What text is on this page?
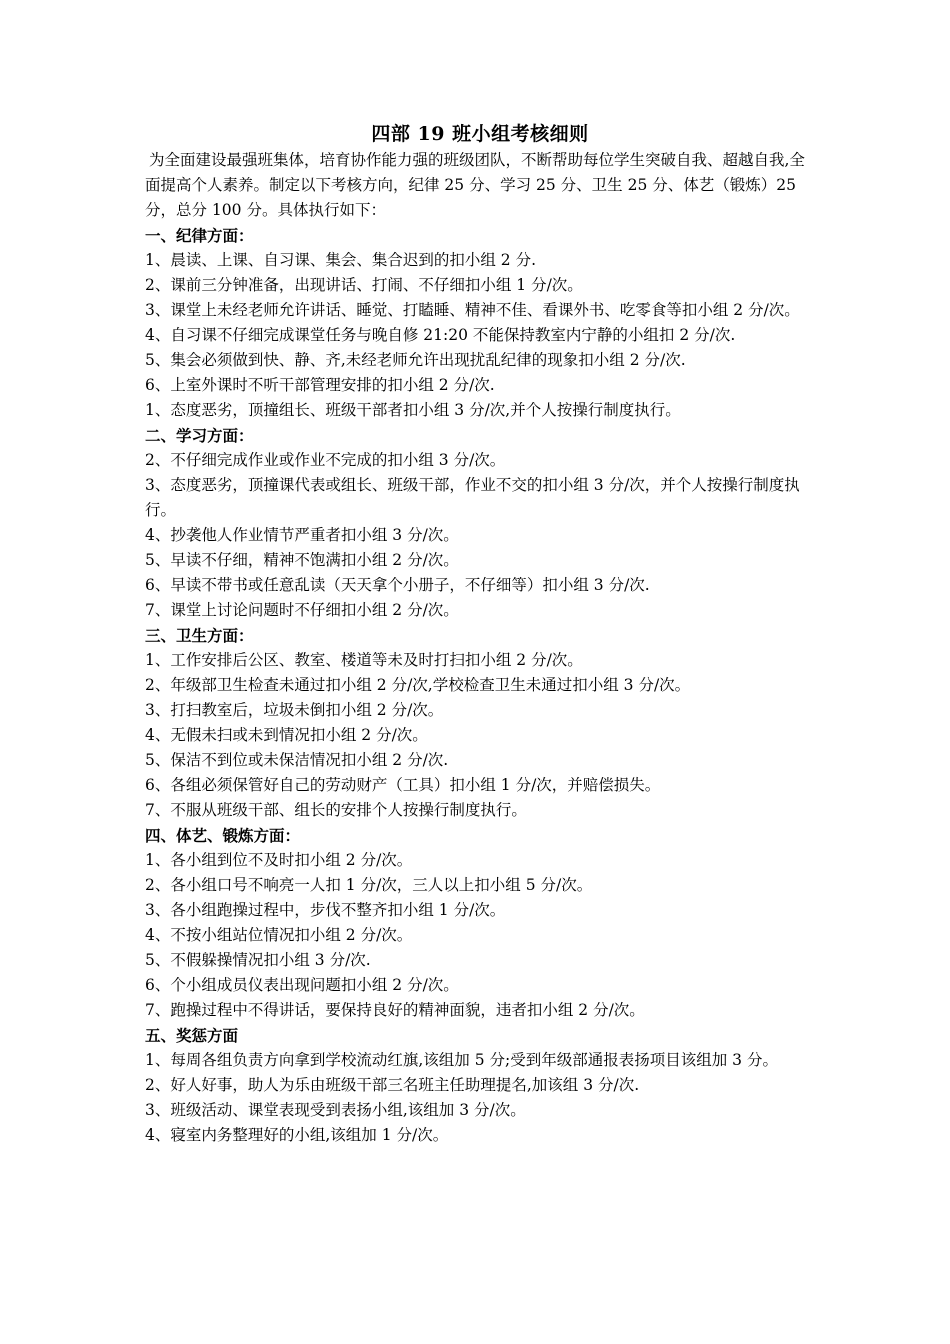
四部 19 班小组考核细则

为全面建设最强班集体，培育协作能力强的班级团队，不断帮助每位学生突破自我、超越自我,全面提高个人素养。制定以下考核方向，纪律 25 分、学习 25 分、卫生 25 分、体艺（锻炼）25 分，总分 100 分。具体执行如下：

一、纪律方面：

1、晨读、上课、自习课、集会、集合迟到的扣小组 2 分.

2、课前三分钟准备，出现讲话、打闹、不仔细扣小组 1 分/次。

3、课堂上未经老师允许讲话、睡觉、打瞌睡、精神不佳、看课外书、吃零食等扣小组 2 分/次。

4、自习课不仔细完成课堂任务与晚自修 21:20 不能保持教室内宁静的小组扣 2 分/次.

5、集会必须做到快、静、齐,未经老师允许出现扰乱纪律的现象扣小组 2 分/次.

6、上室外课时不听干部管理安排的扣小组 2 分/次.

1、态度恶劣，顶撞组长、班级干部者扣小组 3 分/次,并个人按操行制度执行。

二、学习方面：

2、不仔细完成作业或作业不完成的扣小组 3 分/次。

3、态度恶劣，顶撞课代表或组长、班级干部，作业不交的扣小组 3 分/次，并个人按操行制度执行。

4、抄袭他人作业情节严重者扣小组 3 分/次。

5、早读不仔细，精神不饱满扣小组 2 分/次。

6、早读不带书或任意乱读（天天拿个小册子，不仔细等）扣小组 3 分/次.

7、课堂上讨论问题时不仔细扣小组 2 分/次。

三、卫生方面：

1、工作安排后公区、教室、楼道等未及时打扫扣小组 2 分/次。

2、年级部卫生检查未通过扣小组 2 分/次,学校检查卫生未通过扣小组 3 分/次。

3、打扫教室后，垃圾未倒扣小组 2 分/次。

4、无假未扫或未到情况扣小组 2 分/次。

5、保洁不到位或未保洁情况扣小组 2 分/次.

6、各组必须保管好自己的劳动财产（工具）扣小组 1 分/次，并赔偿损失。

7、不服从班级干部、组长的安排个人按操行制度执行。

四、体艺、锻炼方面：

1、各小组到位不及时扣小组 2 分/次。

2、各小组口号不响亮一人扣 1 分/次，三人以上扣小组 5 分/次。

3、各小组跑操过程中，步伐不整齐扣小组 1 分/次。

4、不按小组站位情况扣小组 2 分/次。

5、不假躲操情况扣小组 3 分/次.

6、个小组成员仪表出现问题扣小组 2 分/次。

7、跑操过程中不得讲话，要保持良好的精神面貌，违者扣小组 2 分/次。

五、奖惩方面

1、每周各组负责方向拿到学校流动红旗,该组加 5 分;受到年级部通报表扬项目该组加 3 分。

2、好人好事，助人为乐由班级干部三名班主任助理提名,加该组 3 分/次.

3、班级活动、课堂表现受到表扬小组,该组加 3 分/次。

4、寝室内务整理好的小组,该组加 1 分/次。
